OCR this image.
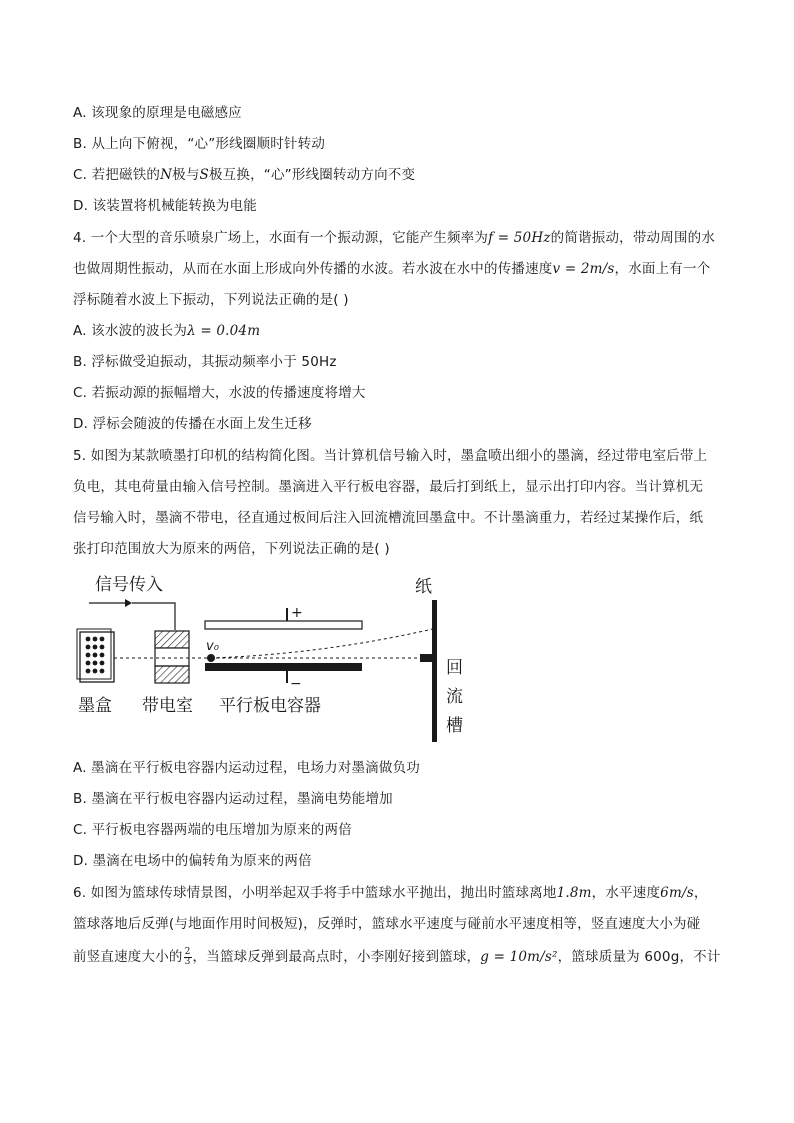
A. 该现象的原理是电磁感应
B. 从上向下俯视，“心”形线圈顺时针转动
C. 若把磁铁的N极与S极互换，“心”形线圈转动方向不变
D. 该装置将机械能转换为电能
4. 一个大型的音乐喷泉广场上，水面有一个振动源，它能产生频率为f = 50Hz的简谐振动，带动周围的水
也做周期性振动，从而在水面上形成向外传播的水波。若水波在水中的传播速度v = 2m/s，水面上有一个
浮标随着水波上下振动，下列说法正确的是( )
A. 该水波的波长为λ = 0.04m
B. 浮标做受迫振动，其振动频率小于 50Hz
C. 若振动源的振幅增大，水波的传播速度将增大
D. 浮标会随波的传播在水面上发生迁移
5. 如图为某款喷墨打印机的结构简化图。当计算机信号输入时，墨盒喷出细小的墨滴，经过带电室后带上
负电，其电荷量由输入信号控制。墨滴进入平行板电容器，最后打到纸上，显示出打印内容。当计算机无
信号输入时，墨滴不带电，径直通过板间后注入回流槽流回墨盒中。不计墨滴重力，若经过某操作后，纸
张打印范围放大为原来的两倍，下列说法正确的是( )
信号传入
+
−
v₀
纸
回
流
槽
墨盒 带电室 平行板电容器
A. 墨滴在平行板电容器内运动过程，电场力对墨滴做负功
B. 墨滴在平行板电容器内运动过程，墨滴电势能增加
C. 平行板电容器两端的电压增加为原来的两倍
D. 墨滴在电场中的偏转角为原来的两倍
6. 如图为篮球传球情景图，小明举起双手将手中篮球水平抛出，抛出时篮球离地1.8m，水平速度6m/s，
篮球落地后反弹(与地面作用时间极短)，反弹时，篮球水平速度与碰前水平速度相等，竖直速度大小为碰
前竖直速度大小的 $\frac{2}{3}$ ，当篮球反弹到最高点时，小李刚好接到篮球，g = 10m/s²，篮球质量为 600g，不计
